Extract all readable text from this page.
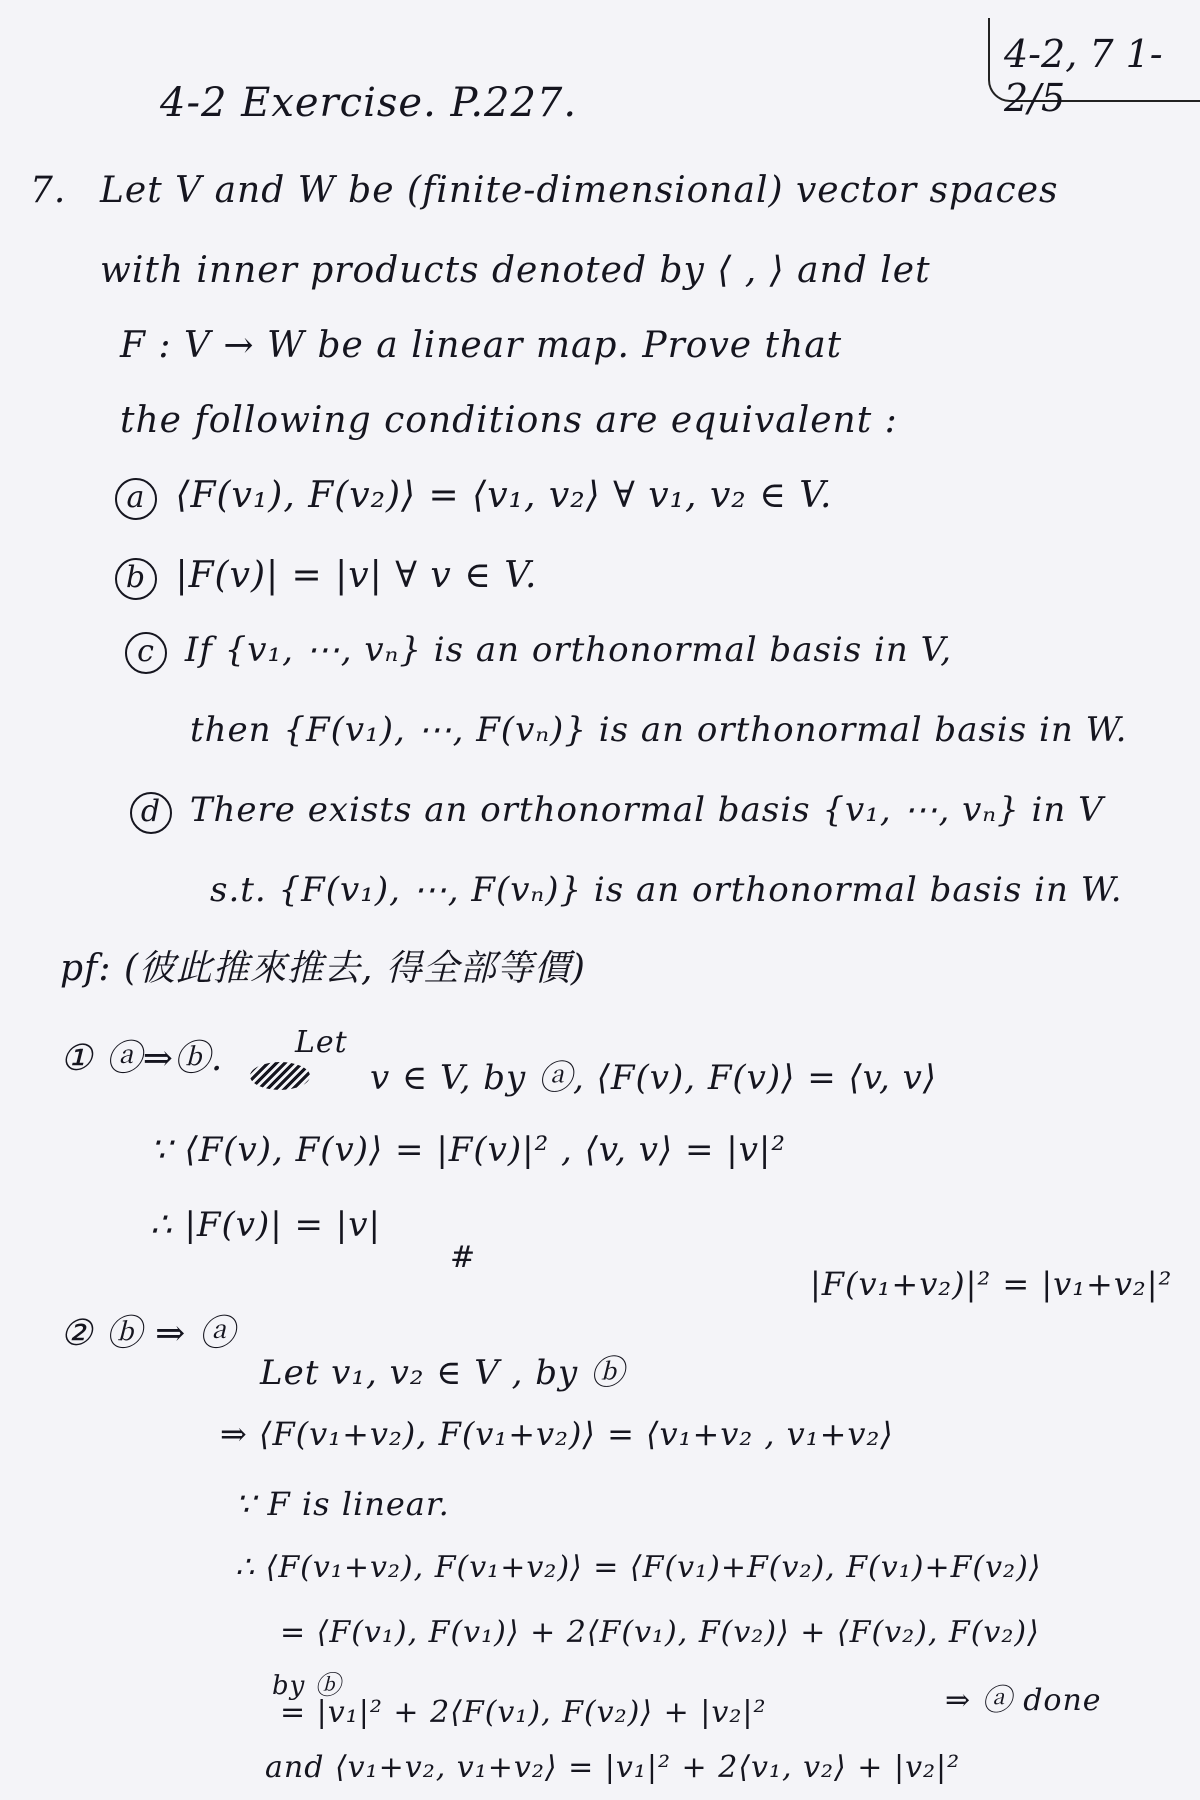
4-2, 7 1-2/5
4-2 Exercise. P.227.
7. Let V and W be (finite-dimensional) vector spaces
with inner products denoted by ⟨ , ⟩ and let
F : V → W be a linear map. Prove that
the following conditions are equivalent :
a ⟨F(v₁), F(v₂)⟩ = ⟨v₁, v₂⟩ ∀ v₁, v₂ ∈ V.
b |F(v)| = |v| ∀ v ∈ V.
c If {v₁, ⋯, vₙ} is an orthonormal basis in V,
then {F(v₁), ⋯, F(vₙ)} is an orthonormal basis in W.
d There exists an orthonormal basis {v₁, ⋯, vₙ} in V
s.t. {F(v₁), ⋯, F(vₙ)} is an orthonormal basis in W.
pf: (彼此推來推去, 得全部等價)
① ⓐ⇒ⓑ. Let
v ∈ V, by ⓐ, ⟨F(v), F(v)⟩ = ⟨v, v⟩
∵ ⟨F(v), F(v)⟩ = |F(v)|² , ⟨v, v⟩ = |v|²
∴ |F(v)| = |v|
#
|F(v₁+v₂)|² = |v₁+v₂|²
② ⓑ ⇒ ⓐ
Let v₁, v₂ ∈ V , by ⓑ
⇒ ⟨F(v₁+v₂), F(v₁+v₂)⟩ = ⟨v₁+v₂ , v₁+v₂⟩
∵ F is linear.
∴ ⟨F(v₁+v₂), F(v₁+v₂)⟩ = ⟨F(v₁)+F(v₂), F(v₁)+F(v₂)⟩
= ⟨F(v₁), F(v₁)⟩ + 2⟨F(v₁), F(v₂)⟩ + ⟨F(v₂), F(v₂)⟩
by ⓑ
= |v₁|² + 2⟨F(v₁), F(v₂)⟩ + |v₂|²	⇒ ⓐ done
and ⟨v₁+v₂, v₁+v₂⟩ = |v₁|² + 2⟨v₁, v₂⟩ + |v₂|²
